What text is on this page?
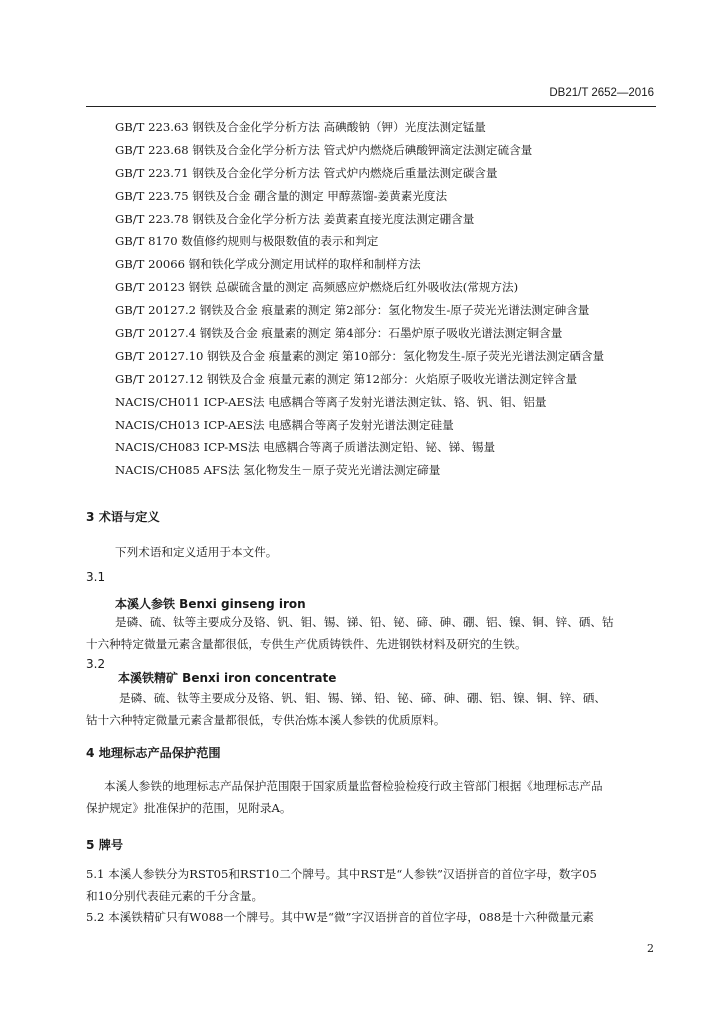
DB21/T 2652—2016
GB/T 223.63 钢铁及合金化学分析方法 高碘酸钠（钾）光度法测定锰量
GB/T 223.68 钢铁及合金化学分析方法 管式炉内燃烧后碘酸钾滴定法测定硫含量
GB/T 223.71 钢铁及合金化学分析方法 管式炉内燃烧后重量法测定碳含量
GB/T 223.75 钢铁及合金 硼含量的测定 甲醇蒸馏-姜黄素光度法
GB/T 223.78 钢铁及合金化学分析方法 姜黄素直接光度法测定硼含量
GB/T 8170 数值修约规则与极限数值的表示和判定
GB/T 20066 钢和铁化学成分测定用试样的取样和制样方法
GB/T 20123 钢铁 总碳硫含量的测定 高频感应炉燃烧后红外吸收法(常规方法)
GB/T 20127.2 钢铁及合金 痕量素的测定 第2部分：氢化物发生-原子荧光光谱法测定砷含量
GB/T 20127.4 钢铁及合金 痕量素的测定 第4部分：石墨炉原子吸收光谱法测定铜含量
GB/T 20127.10 钢铁及合金 痕量素的测定 第10部分：氢化物发生-原子荧光光谱法测定硒含量
GB/T 20127.12 钢铁及合金 痕量元素的测定 第12部分：火焰原子吸收光谱法测定锌含量
NACIS/CH011 ICP-AES法 电感耦合等离子发射光谱法测定钛、铬、钒、钼、铝量
NACIS/CH013 ICP-AES法 电感耦合等离子发射光谱法测定硅量
NACIS/CH083 ICP-MS法 电感耦合等离子质谱法测定铅、铋、锑、锡量
NACIS/CH085 AFS法 氢化物发生－原子荧光光谱法测定碲量
3 术语与定义
下列术语和定义适用于本文件。
3.1
本溪人参铁 Benxi ginseng iron
是磷、硫、钛等主要成分及铬、钒、钼、锡、锑、铅、铋、碲、砷、硼、铝、镍、铜、锌、硒、钴
十六种特定微量元素含量都很低，专供生产优质铸铁件、先进钢铁材料及研究的生铁。
3.2
本溪铁精矿 Benxi iron concentrate
是磷、硫、钛等主要成分及铬、钒、钼、锡、锑、铅、铋、碲、砷、硼、铝、镍、铜、锌、硒、
钴十六种特定微量元素含量都很低，专供冶炼本溪人参铁的优质原料。
4 地理标志产品保护范围
本溪人参铁的地理标志产品保护范围限于国家质量监督检验检疫行政主管部门根据《地理标志产品
保护规定》批准保护的范围，见附录A。
5 牌号
5.1 本溪人参铁分为RST05和RST10二个牌号。其中RST是“人参铁”汉语拼音的首位字母，数字05
和10分别代表硅元素的千分含量。
5.2 本溪铁精矿只有W088一个牌号。其中W是“微”字汉语拼音的首位字母，088是十六种微量元素
2
